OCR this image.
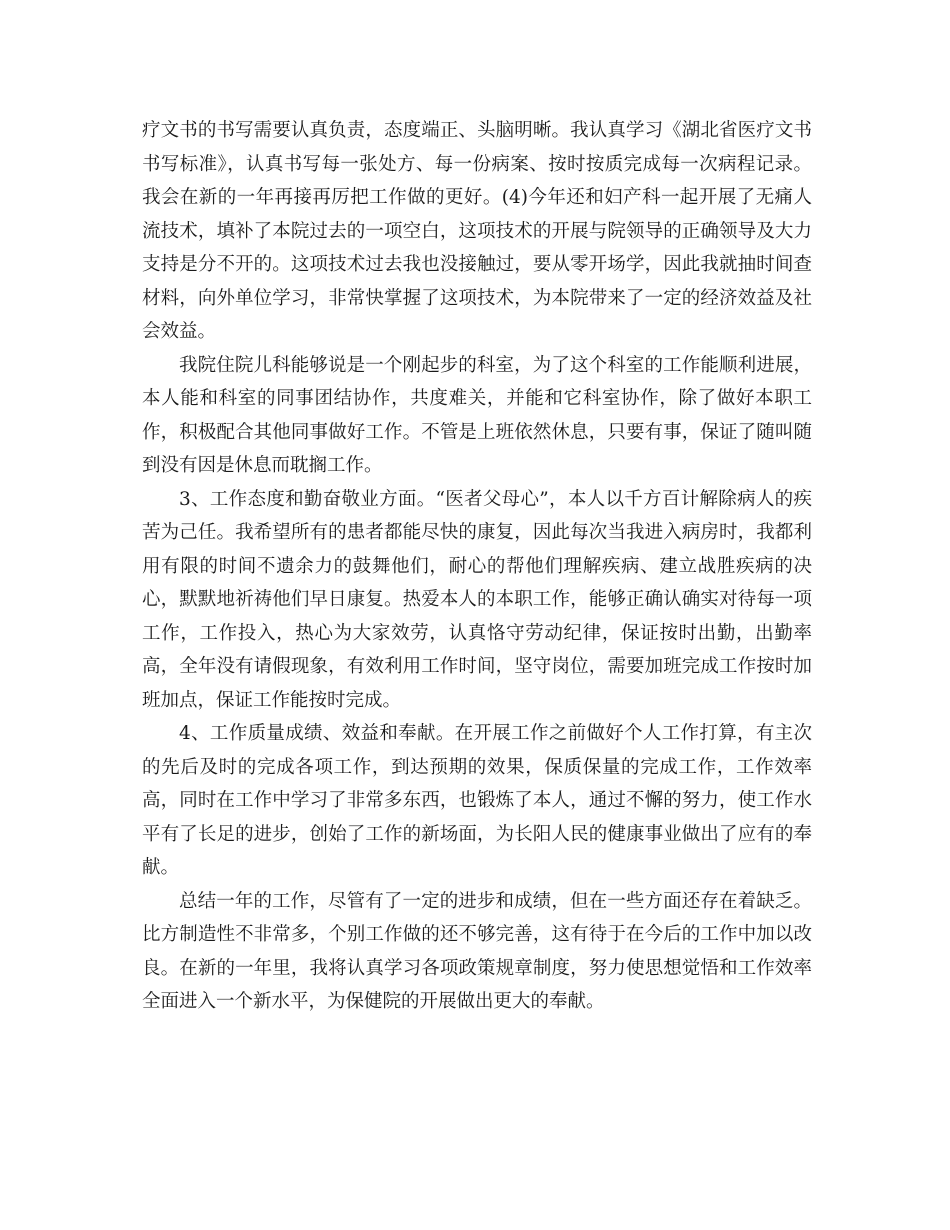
疗文书的书写需要认真负责，态度端正、头脑明晰。我认真学习《湖北省医疗文书书写标准》，认真书写每一张处方、每一份病案、按时按质完成每一次病程记录。我会在新的一年再接再厉把工作做的更好。(4)今年还和妇产科一起开展了无痛人流技术，填补了本院过去的一项空白，这项技术的开展与院领导的正确领导及大力支持是分不开的。这项技术过去我也没接触过，要从零开场学，因此我就抽时间查材料，向外单位学习，非常快掌握了这项技术，为本院带来了一定的经济效益及社会效益。

我院住院儿科能够说是一个刚起步的科室，为了这个科室的工作能顺利进展，本人能和科室的同事团结协作，共度难关，并能和它科室协作，除了做好本职工作，积极配合其他同事做好工作。不管是上班依然休息，只要有事，保证了随叫随到没有因是休息而耽搁工作。

3、工作态度和勤奋敬业方面。“医者父母心”，本人以千方百计解除病人的疾苦为己任。我希望所有的患者都能尽快的康复，因此每次当我进入病房时，我都利用有限的时间不遗余力的鼓舞他们，耐心的帮他们理解疾病、建立战胜疾病的决心，默默地祈祷他们早日康复。热爱本人的本职工作，能够正确认确实对待每一项工作，工作投入，热心为大家效劳，认真恪守劳动纪律，保证按时出勤，出勤率高，全年没有请假现象，有效利用工作时间，坚守岗位，需要加班完成工作按时加班加点，保证工作能按时完成。

4、工作质量成绩、效益和奉献。在开展工作之前做好个人工作打算，有主次的先后及时的完成各项工作，到达预期的效果，保质保量的完成工作，工作效率高，同时在工作中学习了非常多东西，也锻炼了本人，通过不懈的努力，使工作水平有了长足的进步，创始了工作的新场面，为长阳人民的健康事业做出了应有的奉献。

总结一年的工作，尽管有了一定的进步和成绩，但在一些方面还存在着缺乏。比方制造性不非常多，个别工作做的还不够完善，这有待于在今后的工作中加以改良。在新的一年里，我将认真学习各项政策规章制度，努力使思想觉悟和工作效率全面进入一个新水平，为保健院的开展做出更大的奉献。
